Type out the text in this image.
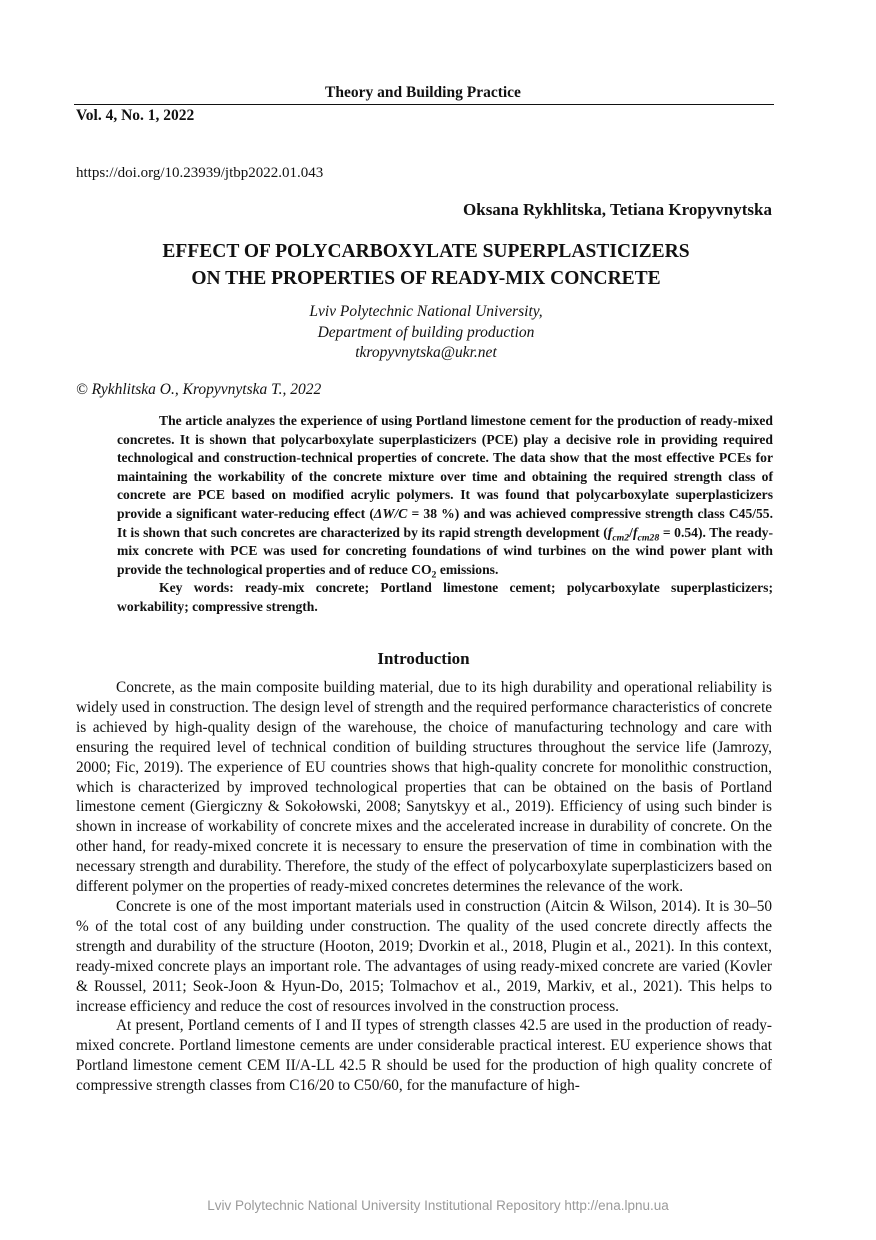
Theory and Building Practice
Vol. 4, No. 1, 2022
https://doi.org/10.23939/jtbp2022.01.043
Oksana Rykhlitska, Tetiana Kropyvnytska
EFFECT OF POLYCARBOXYLATE SUPERPLASTICIZERS
ON THE PROPERTIES OF READY-MIX CONCRETE
Lviv Polytechnic National University,
Department of building production
tkropyvnytska@ukr.net
© Rykhlitska O., Kropyvnytska T., 2022

The article analyzes the experience of using Portland limestone cement for the production of ready-mixed concretes. It is shown that polycarboxylate superplasticizers (PCE) play a decisive role in providing required technological and construction-technical properties of concrete. The data show that the most effective PCEs for maintaining the workability of the concrete mixture over time and obtaining the required strength class of concrete are PCE based on modified acrylic polymers. It was found that polycarboxylate superplasticizers provide a significant water-reducing effect (ΔW/C = 38 %) and was achieved compressive strength class C45/55. It is shown that such concretes are characterized by its rapid strength development $(f_{cm2}/f_{cm28} = 0.54)$. The ready-mix concrete with PCE was used for concreting foundations of wind turbines on the wind power plant with provide the technological properties and of reduce $CO_2$ emissions.

Key words: ready-mix concrete; Portland limestone cement; polycarboxylate superplasticizers; workability; compressive strength.

Introduction

Concrete, as the main composite building material, due to its high durability and operational reliability is widely used in construction. The design level of strength and the required performance characteristics of concrete is achieved by high-quality design of the warehouse, the choice of manufacturing technology and care with ensuring the required level of technical condition of building structures throughout the service life (Jamrozy, 2000; Fic, 2019). The experience of EU countries shows that high-quality concrete for monolithic construction, which is characterized by improved technological properties that can be obtained on the basis of Portland limestone cement (Giergiczny & Sokołowski, 2008; Sanytskyy et al., 2019). Efficiency of using such binder is shown in increase of workability of concrete mixes and the accelerated increase in durability of concrete. On the other hand, for ready-mixed concrete it is necessary to ensure the preservation of time in combination with the necessary strength and durability. Therefore, the study of the effect of polycarboxylate superplasticizers based on different polymer on the properties of ready-mixed concretes determines the relevance of the work.

Concrete is one of the most important materials used in construction (Aitcin & Wilson, 2014). It is 30–50 % of the total cost of any building under construction. The quality of the used concrete directly affects the strength and durability of the structure (Hooton, 2019; Dvorkin et al., 2018, Plugin et al., 2021). In this context, ready-mixed concrete plays an important role. The advantages of using ready-mixed concrete are varied (Kovler & Roussel, 2011; Seok-Joon & Hyun-Do, 2015; Tolmachov et al., 2019, Markiv, et al., 2021). This helps to increase efficiency and reduce the cost of resources involved in the construction process.

At present, Portland cements of I and II types of strength classes 42.5 are used in the production of ready-mixed concrete. Portland limestone cements are under considerable practical interest. EU experience shows that Portland limestone cement CEM II/A-LL 42.5 R should be used for the production of high quality concrete of compressive strength classes from C16/20 to C50/60, for the manufacture of high-

Lviv Polytechnic National University Institutional Repository http://ena.lpnu.ua
